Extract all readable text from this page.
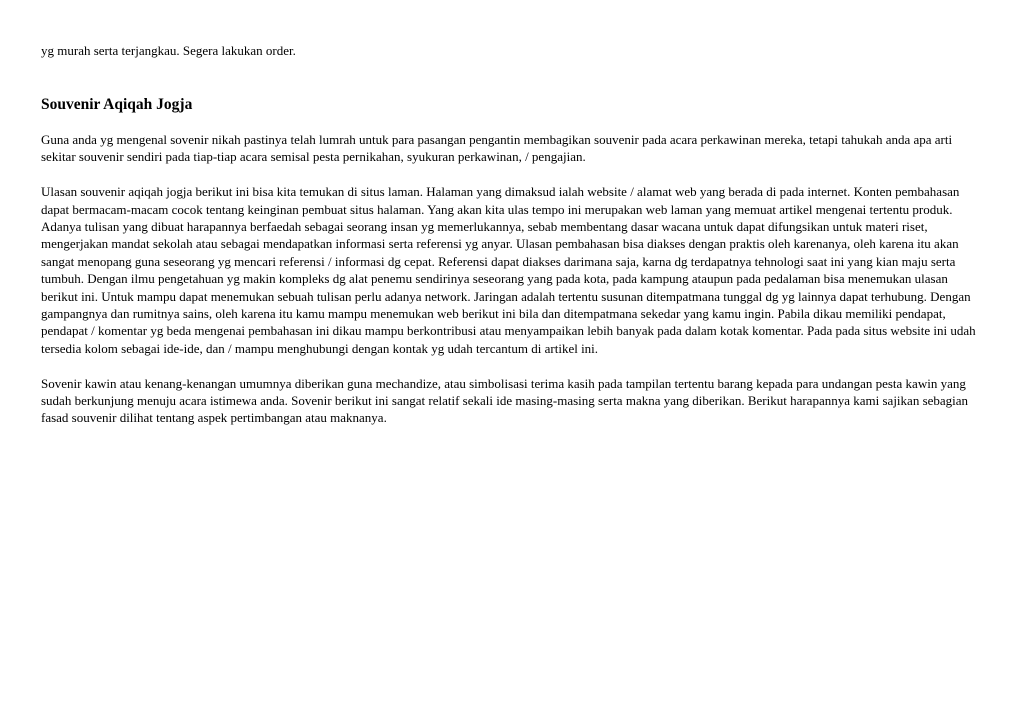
yg murah serta terjangkau. Segera lakukan order.

Souvenir Aqiqah Jogja

Guna anda yg mengenal sovenir nikah pastinya telah lumrah untuk para pasangan pengantin membagikan souvenir pada acara perkawinan mereka, tetapi tahukah anda apa arti sekitar souvenir sendiri pada tiap-tiap acara semisal pesta pernikahan, syukuran perkawinan, / pengajian.

Ulasan souvenir aqiqah jogja berikut ini bisa kita temukan di situs laman. Halaman yang dimaksud ialah website / alamat web yang berada di pada internet. Konten pembahasan dapat bermacam-macam cocok tentang keinginan pembuat situs halaman. Yang akan kita ulas tempo ini merupakan web laman yang memuat artikel mengenai tertentu produk. Adanya tulisan yang dibuat harapannya berfaedah sebagai seorang insan yg memerlukannya, sebab membentang dasar wacana untuk dapat difungsikan untuk materi riset, mengerjakan mandat sekolah atau sebagai mendapatkan informasi serta referensi yg anyar. Ulasan pembahasan bisa diakses dengan praktis oleh karenanya, oleh karena itu akan sangat menopang guna seseorang yg mencari referensi / informasi dg cepat. Referensi dapat diakses darimana saja, karna dg terdapatnya tehnologi saat ini yang kian maju serta tumbuh. Dengan ilmu pengetahuan yg makin kompleks dg alat penemu sendirinya seseorang yang pada kota, pada kampung ataupun pada pedalaman bisa menemukan ulasan berikut ini. Untuk mampu dapat menemukan sebuah tulisan perlu adanya network. Jaringan adalah tertentu susunan ditempatmana tunggal dg yg lainnya dapat terhubung. Dengan gampangnya dan rumitnya sains, oleh karena itu kamu mampu menemukan web berikut ini bila dan ditempatmana sekedar yang kamu ingin. Pabila dikau memiliki pendapat, pendapat / komentar yg beda mengenai pembahasan ini dikau mampu berkontribusi atau menyampaikan lebih banyak pada dalam kotak komentar. Pada pada situs website ini udah tersedia kolom sebagai ide-ide, dan / mampu menghubungi dengan kontak yg udah tercantum di artikel ini.

Sovenir kawin atau kenang-kenangan umumnya diberikan guna mechandize, atau simbolisasi terima kasih pada tampilan tertentu barang kepada para undangan pesta kawin yang sudah berkunjung menuju acara istimewa anda. Sovenir berikut ini sangat relatif sekali ide masing-masing serta makna yang diberikan. Berikut harapannya kami sajikan sebagian fasad souvenir dilihat tentang aspek pertimbangan atau maknanya.
